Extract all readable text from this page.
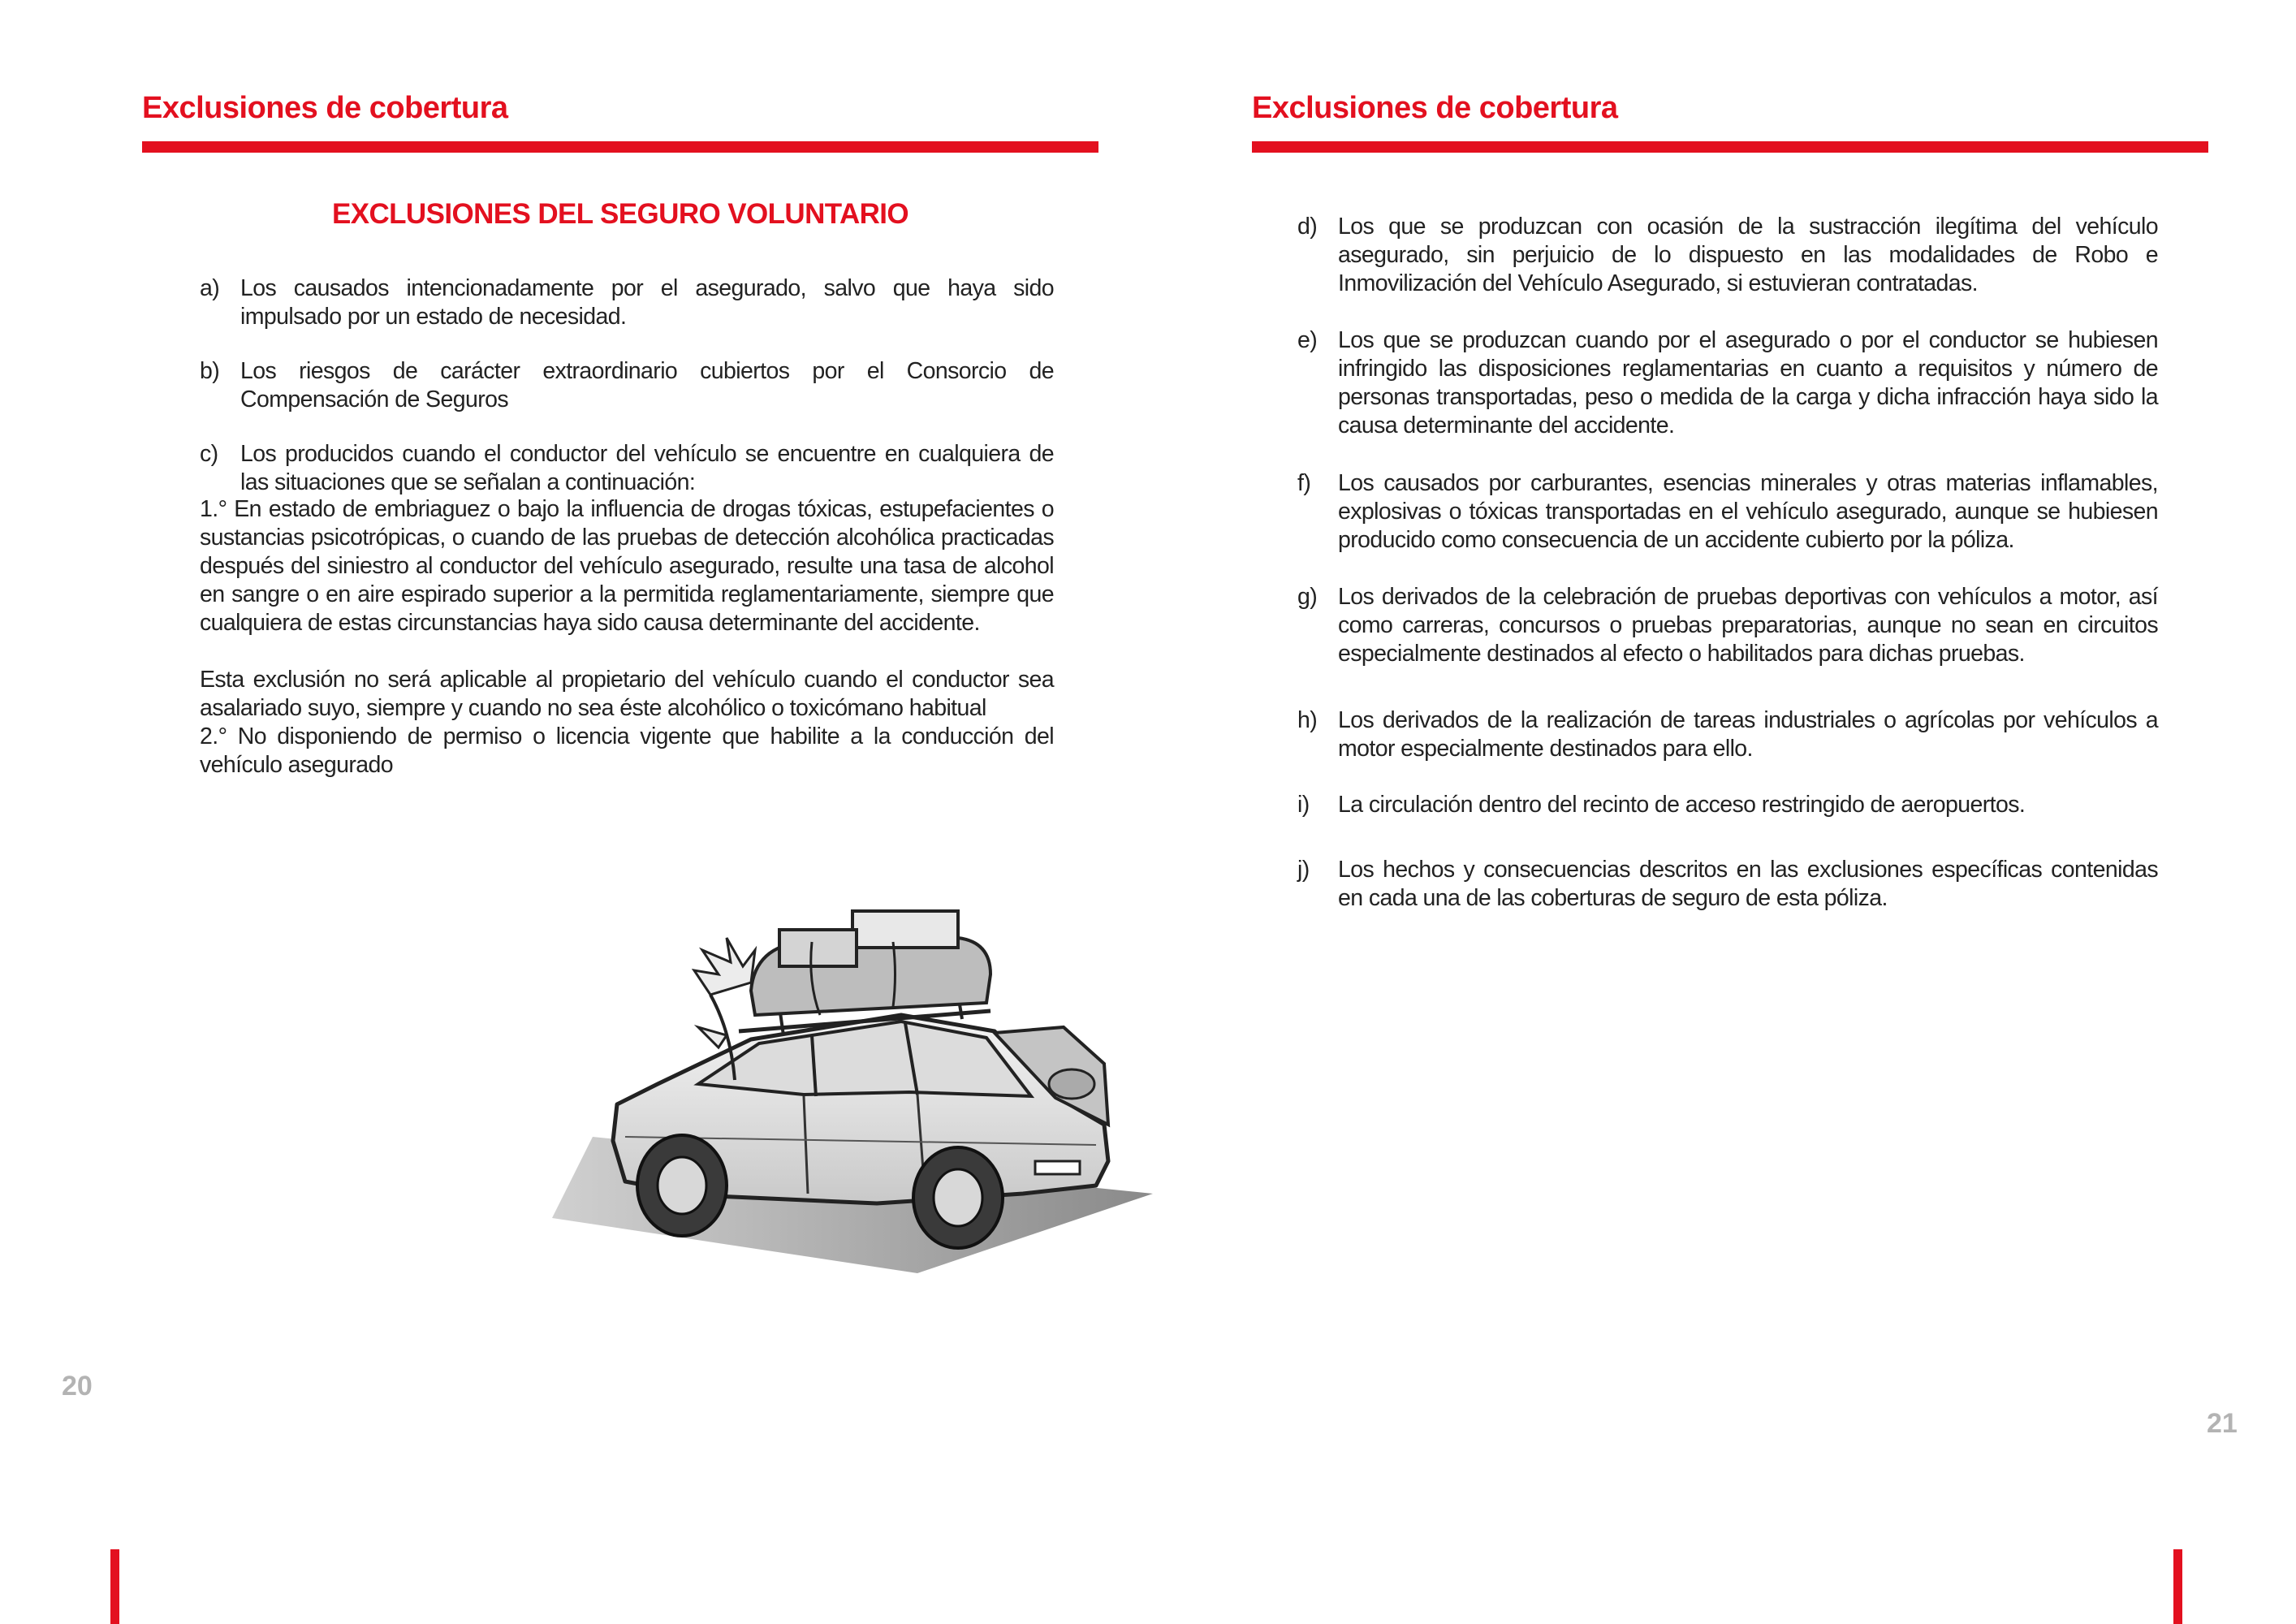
Exclusiones de cobertura
EXCLUSIONES DEL SEGURO VOLUNTARIO
a) Los causados intencionadamente por el asegurado, salvo que haya sido impulsado por un estado de necesidad.
b) Los riesgos de carácter extraordinario cubiertos por el Consorcio de Compensación de Seguros
c) Los producidos cuando el conductor del vehículo se encuentre en cualquiera de las situaciones que se señalan a continuación:
1.° En estado de embriaguez o bajo la influencia de drogas tóxicas, estupefacientes o sustancias psicotrópicas, o cuando de las pruebas de detección alcohólica practicadas después del siniestro al conductor del vehículo asegurado, resulte una tasa de alcohol en sangre o en aire espirado superior a la permitida reglamentariamente, siempre que cualquiera de estas circunstancias haya sido causa determinante del accidente.
Esta exclusión no será aplicable al propietario del vehículo cuando el conductor sea asalariado suyo, siempre y cuando no sea éste alcohólico o toxicómano habitual
2.° No disponiendo de permiso o licencia vigente que habilite a la conducción del vehículo asegurado
20
Exclusiones de cobertura
d) Los que se produzcan con ocasión de la sustracción ilegítima del vehículo asegurado, sin perjuicio de lo dispuesto en las modalidades de Robo e Inmovilización del Vehículo Asegurado, si estuvieran contratadas.
e) Los que se produzcan cuando por el asegurado o por el conductor se hubiesen infringido las disposiciones reglamentarias en cuanto a requisitos y número de personas transportadas, peso o medida de la carga y dicha infracción haya sido la causa determinante del accidente.
f)	Los causados por carburantes, esencias minerales y otras materias inflamables, explosivas o tóxicas transportadas en el vehículo asegurado, aunque se hubiesen producido como consecuencia de un accidente cubierto por la póliza.
g) Los derivados de la celebración de pruebas deportivas con vehículos a motor, así como carreras, concursos o pruebas preparatorias, aunque no sean en circuitos especialmente destinados al efecto o habilitados para dichas pruebas.
h) Los derivados de la realización de tareas industriales o agrícolas por vehículos a motor especialmente destinados para ello.
i)	La circulación dentro del recinto de acceso restringido de aeropuertos.
j)	Los hechos y consecuencias descritos en las exclusiones específicas contenidas en cada una de las coberturas de seguro de esta póliza.
21
